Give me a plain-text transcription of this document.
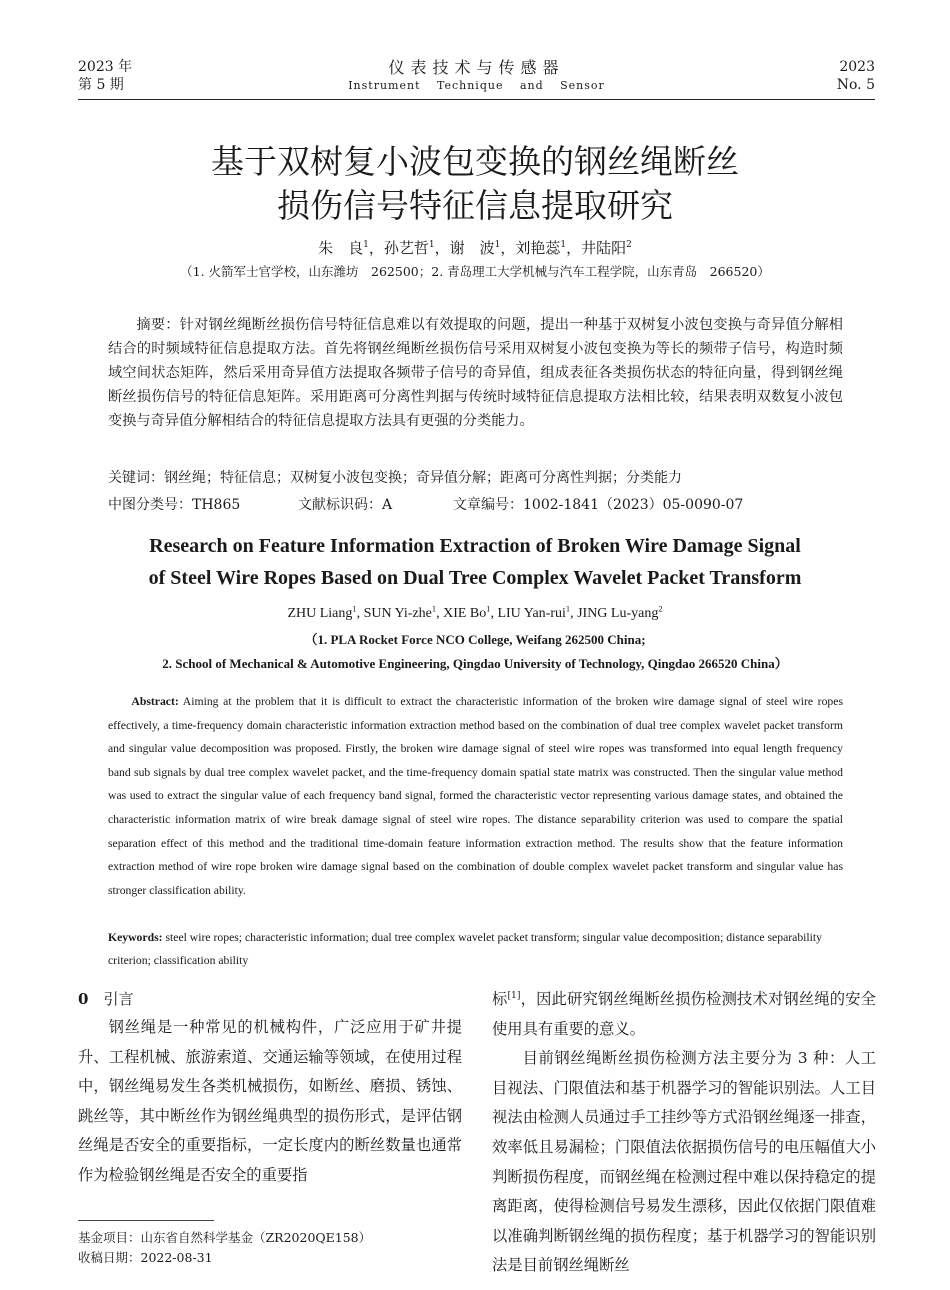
2023 年
第 5 期
仪表技术与传感器
Instrument Technique and Sensor
2023
No. 5
基于双树复小波包变换的钢丝绳断丝
损伤信号特征信息提取研究
朱　良$^1$，孙艺哲$^1$，谢　波$^1$，刘艳蕊$^1$，井陆阳$^2$
（1. 火箭军士官学校，山东潍坊　262500；2. 青岛理工大学机械与汽车工程学院，山东青岛　266520）
摘要：针对钢丝绳断丝损伤信号特征信息难以有效提取的问题，提出一种基于双树复小波包变换与奇异值分解相结合的时频域特征信息提取方法。首先将钢丝绳断丝损伤信号采用双树复小波包变换为等长的频带子信号，构造时频域空间状态矩阵，然后采用奇异值方法提取各频带子信号的奇异值，组成表征各类损伤状态的特征向量，得到钢丝绳断丝损伤信号的特征信息矩阵。采用距离可分离性判据与传统时域特征信息提取方法相比较，结果表明双数复小波包变换与奇异值分解相结合的特征信息提取方法具有更强的分类能力。
关键词：钢丝绳；特征信息；双树复小波包变换；奇异值分解；距离可分离性判据；分类能力
中图分类号：TH865	文献标识码：A	文章编号：1002-1841（2023）05-0090-07
Research on Feature Information Extraction of Broken Wire Damage Signal
of Steel Wire Ropes Based on Dual Tree Complex Wavelet Packet Transform
ZHU Liang$^1$, SUN Yi-zhe$^1$, XIE Bo$^1$, LIU Yan-rui$^1$, JING Lu-yang$^2$
（1. PLA Rocket Force NCO College, Weifang 262500 China;
2. School of Mechanical & Automotive Engineering, Qingdao University of Technology, Qingdao 266520 China）
Abstract: Aiming at the problem that it is difficult to extract the characteristic information of the broken wire damage signal of steel wire ropes effectively, a time-frequency domain characteristic information extraction method based on the combination of dual tree complex wavelet packet transform and singular value decomposition was proposed. Firstly, the broken wire damage signal of steel wire ropes was transformed into equal length frequency band sub signals by dual tree complex wavelet packet, and the time-frequency domain spatial state matrix was constructed. Then the singular value method was used to extract the singular value of each frequency band signal, formed the characteristic vector representing various damage states, and obtained the characteristic information matrix of wire break damage signal of steel wire ropes. The distance separability criterion was used to compare the spatial separation effect of this method and the traditional time-domain feature information extraction method. The results show that the feature information extraction method of wire rope broken wire damage signal based on the combination of double complex wavelet packet transform and singular value has stronger classification ability.
Keywords: steel wire ropes; characteristic information; dual tree complex wavelet packet transform; singular value decomposition; distance separability criterion; classification ability
0　 引言
钢丝绳是一种常见的机械构件，广泛应用于矿井提升、工程机械、旅游索道、交通运输等领域，在使用过程中，钢丝绳易发生各类机械损伤，如断丝、磨损、锈蚀、跳丝等，其中断丝作为钢丝绳典型的损伤形式，是评估钢丝绳是否安全的重要指标，一定长度内的断丝数量也通常作为检验钢丝绳是否安全的重要指
标[1]，因此研究钢丝绳断丝损伤检测技术对钢丝绳的安全使用具有重要的意义。
目前钢丝绳断丝损伤检测方法主要分为 3 种：人工目视法、门限值法和基于机器学习的智能识别法。人工目视法由检测人员通过手工挂纱等方式沿钢丝绳逐一排查，效率低且易漏检；门限值法依据损伤信号的电压幅值大小判断损伤程度，而钢丝绳在检测过程中难以保持稳定的提离距离，使得检测信号易发生漂移，因此仅依据门限值难以准确判断钢丝绳的损伤程度；基于机器学习的智能识别法是目前钢丝绳断丝
基金项目：山东省自然科学基金（ZR2020QE158）
收稿日期：2022-08-31
